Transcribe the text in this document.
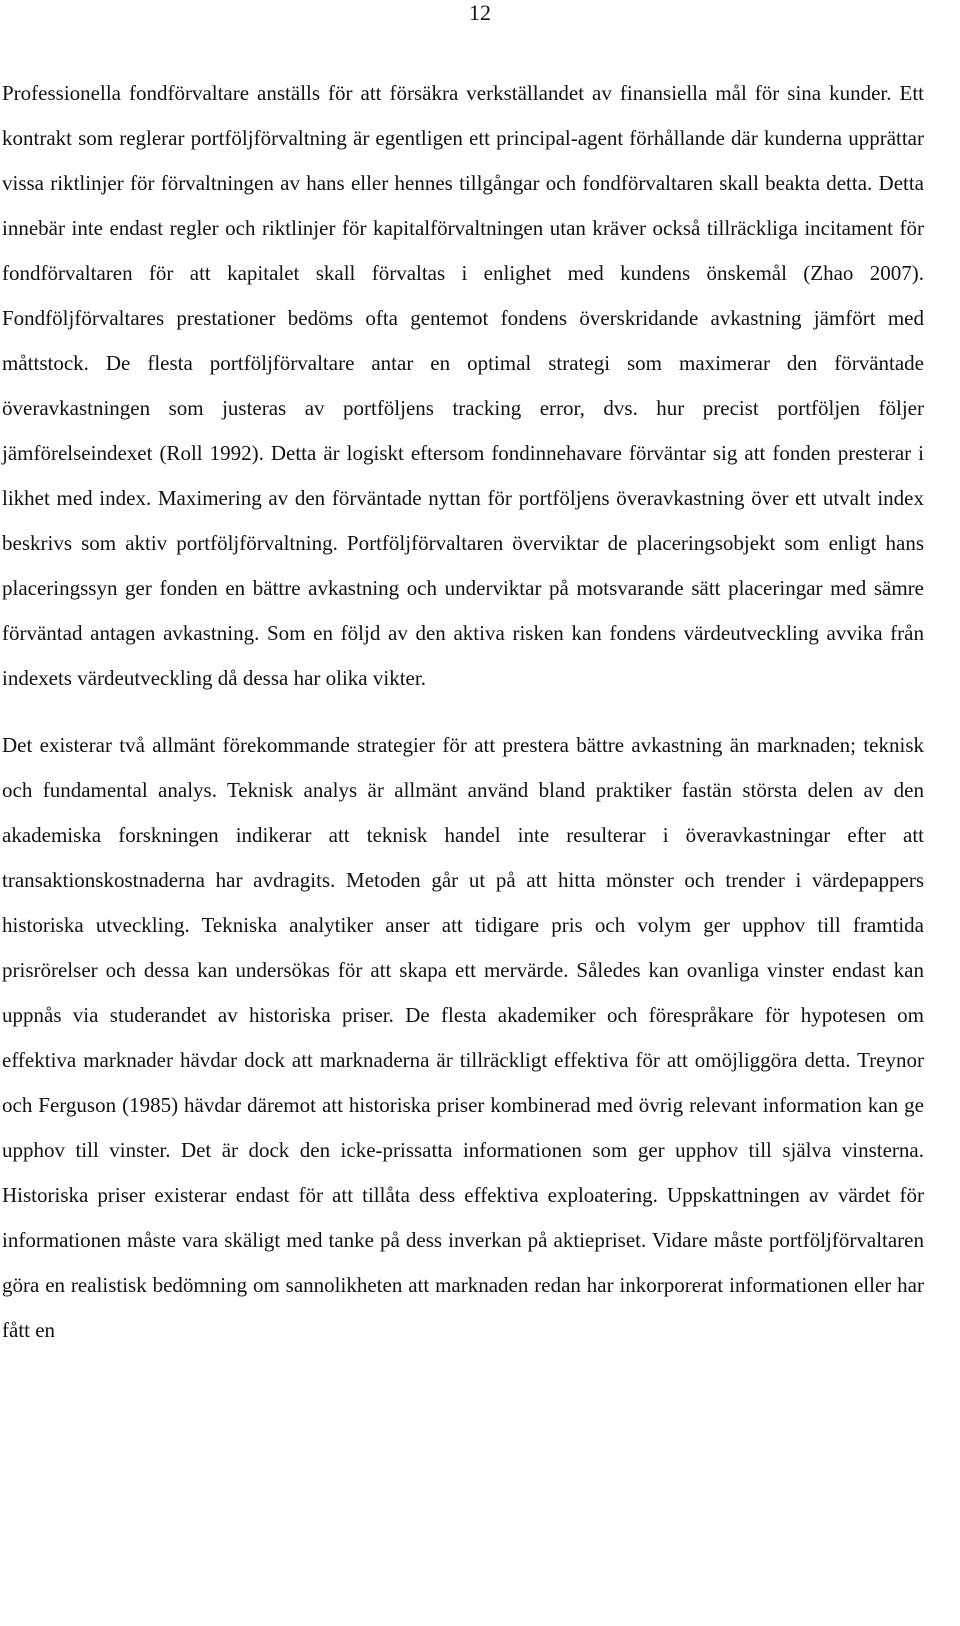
12

Professionella fondförvaltare anställs för att försäkra verkställandet av finansiella mål för sina kunder. Ett kontrakt som reglerar portföljförvaltning är egentligen ett principal-agent förhållande där kunderna upprättar vissa riktlinjer för förvaltningen av hans eller hennes tillgångar och fondförvaltaren skall beakta detta. Detta innebär inte endast regler och riktlinjer för kapitalförvaltningen utan kräver också tillräckliga incitament för fondförvaltaren för att kapitalet skall förvaltas i enlighet med kundens önskemål (Zhao 2007). Fondföljförvaltares prestationer bedöms ofta gentemot fondens överskridande avkastning jämfört med måttstock. De flesta portföljförvaltare antar en optimal strategi som maximerar den förväntade överavkastningen som justeras av portföljens tracking error, dvs. hur precist portföljen följer jämförelseindexet (Roll 1992). Detta är logiskt eftersom fondinnehavare förväntar sig att fonden presterar i likhet med index. Maximering av den förväntade nyttan för portföljens överavkastning över ett utvalt index beskrivs som aktiv portföljförvaltning. Portföljförvaltaren överviktar de placeringsobjekt som enligt hans placeringssyn ger fonden en bättre avkastning och underviktar på motsvarande sätt placeringar med sämre förväntad antagen avkastning. Som en följd av den aktiva risken kan fondens värdeutveckling avvika från indexets värdeutveckling då dessa har olika vikter.

Det existerar två allmänt förekommande strategier för att prestera bättre avkastning än marknaden; teknisk och fundamental analys. Teknisk analys är allmänt använd bland praktiker fastän största delen av den akademiska forskningen indikerar att teknisk handel inte resulterar i överavkastningar efter att transaktionskostnaderna har avdragits. Metoden går ut på att hitta mönster och trender i värdepappers historiska utveckling. Tekniska analytiker anser att tidigare pris och volym ger upphov till framtida prisrörelser och dessa kan undersökas för att skapa ett mervärde. Således kan ovanliga vinster endast kan uppnås via studerandet av historiska priser. De flesta akademiker och förespråkare för hypotesen om effektiva marknader hävdar dock att marknaderna är tillräckligt effektiva för att omöjliggöra detta. Treynor och Ferguson (1985) hävdar däremot att historiska priser kombinerad med övrig relevant information kan ge upphov till vinster. Det är dock den icke-prissatta informationen som ger upphov till själva vinsterna. Historiska priser existerar endast för att tillåta dess effektiva exploatering. Uppskattningen av värdet för informationen måste vara skäligt med tanke på dess inverkan på aktiepriset. Vidare måste portföljförvaltaren göra en realistisk bedömning om sannolikheten att marknaden redan har inkorporerat informationen eller har fått en
